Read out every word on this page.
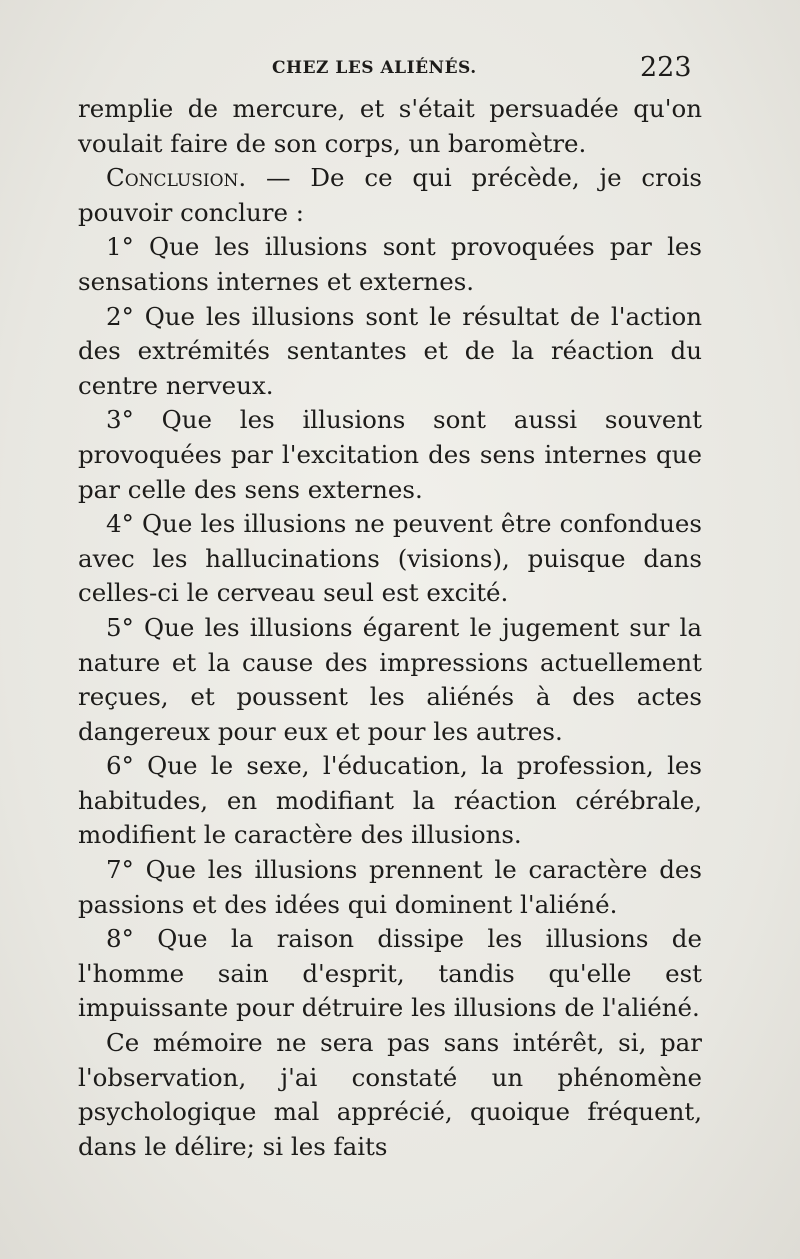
CHEZ LES ALIÉNÉS.	223

remplie de mercure, et s'était persuadée qu'on voulait faire de son corps, un baromètre.

Conclusion. — De ce qui précède, je crois pouvoir conclure :

1° Que les illusions sont provoquées par les sensations internes et externes.

2° Que les illusions sont le résultat de l'action des extrémités sentantes et de la réaction du centre nerveux.

3° Que les illusions sont aussi souvent provoquées par l'excitation des sens internes que par celle des sens externes.

4° Que les illusions ne peuvent être confondues avec les hallucinations (visions), puisque dans celles-ci le cerveau seul est excité.

5° Que les illusions égarent le jugement sur la nature et la cause des impressions actuellement reçues, et poussent les aliénés à des actes dangereux pour eux et pour les autres.

6° Que le sexe, l'éducation, la profession, les habitudes, en modifiant la réaction cérébrale, modifient le caractère des illusions.

7° Que les illusions prennent le caractère des passions et des idées qui dominent l'aliéné.

8° Que la raison dissipe les illusions de l'homme sain d'esprit, tandis qu'elle est impuissante pour détruire les illusions de l'aliéné.

Ce mémoire ne sera pas sans intérêt, si, par l'observation, j'ai constaté un phénomène psychologique mal apprécié, quoique fréquent, dans le délire; si les faits
